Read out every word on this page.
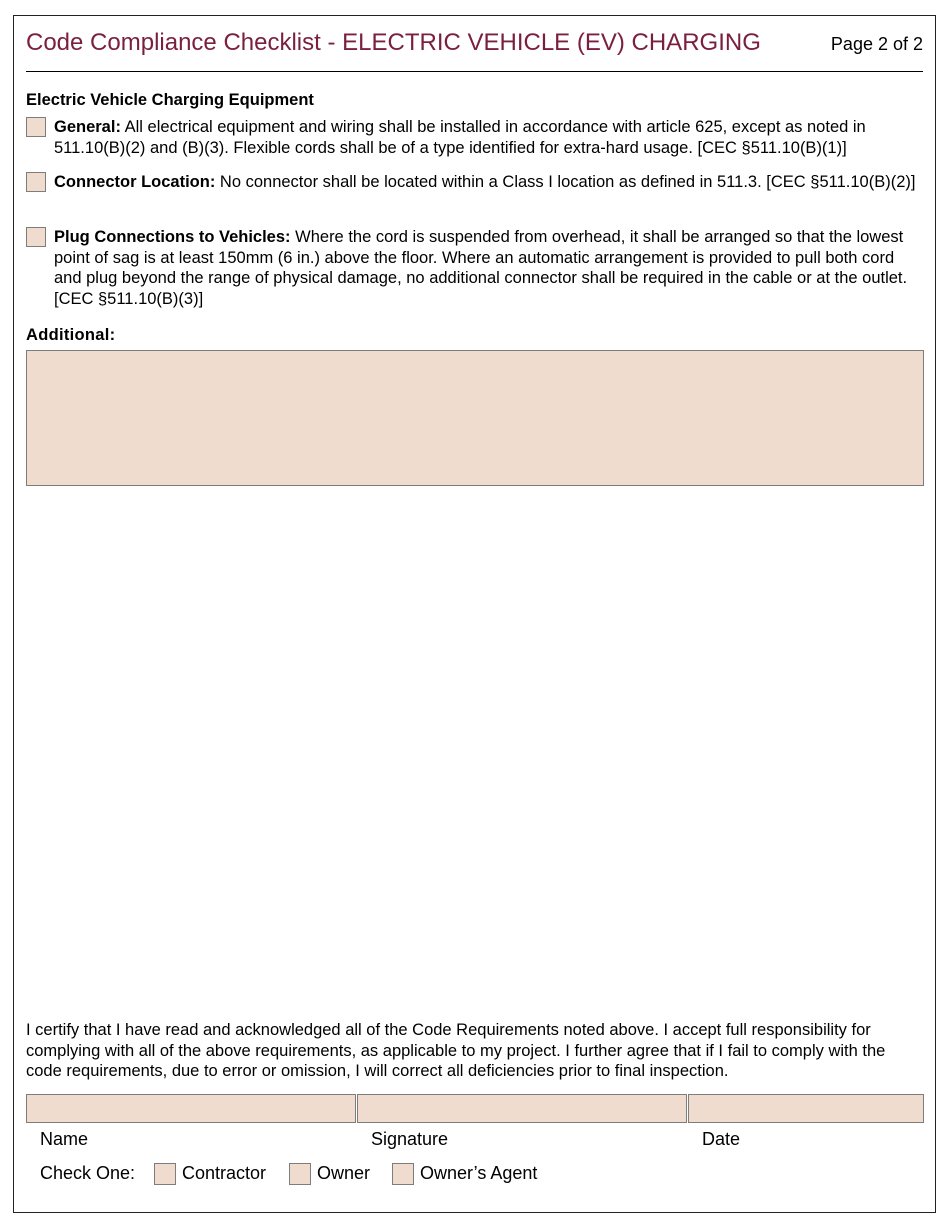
Code Compliance Checklist - ELECTRIC VEHICLE (EV) CHARGING	Page 2 of 2
Electric Vehicle Charging Equipment
General: All electrical equipment and wiring shall be installed in accordance with article 625, except as noted in 511.10(B)(2) and (B)(3). Flexible cords shall be of a type identified for extra-hard usage. [CEC §511.10(B)(1)]
Connector Location: No connector shall be located within a Class I location as defined in 511.3. [CEC §511.10(B)(2)]
Plug Connections to Vehicles: Where the cord is suspended from overhead, it shall be arranged so that the lowest point of sag is at least 150mm (6 in.) above the floor. Where an automatic arrangement is provided to pull both cord and plug beyond the range of physical damage, no additional connector shall be required in the cable or at the outlet. [CEC §511.10(B)(3)]
Additional:
I certify that I have read and acknowledged all of the Code Requirements noted above. I accept full responsibility for complying with all of the above requirements, as applicable to my project. I further agree that if I fail to comply with the code requirements, due to error or omission, I will correct all deficiencies prior to final inspection.
Name	Signature	Date
Check One:	Contractor	Owner	Owner’s Agent
